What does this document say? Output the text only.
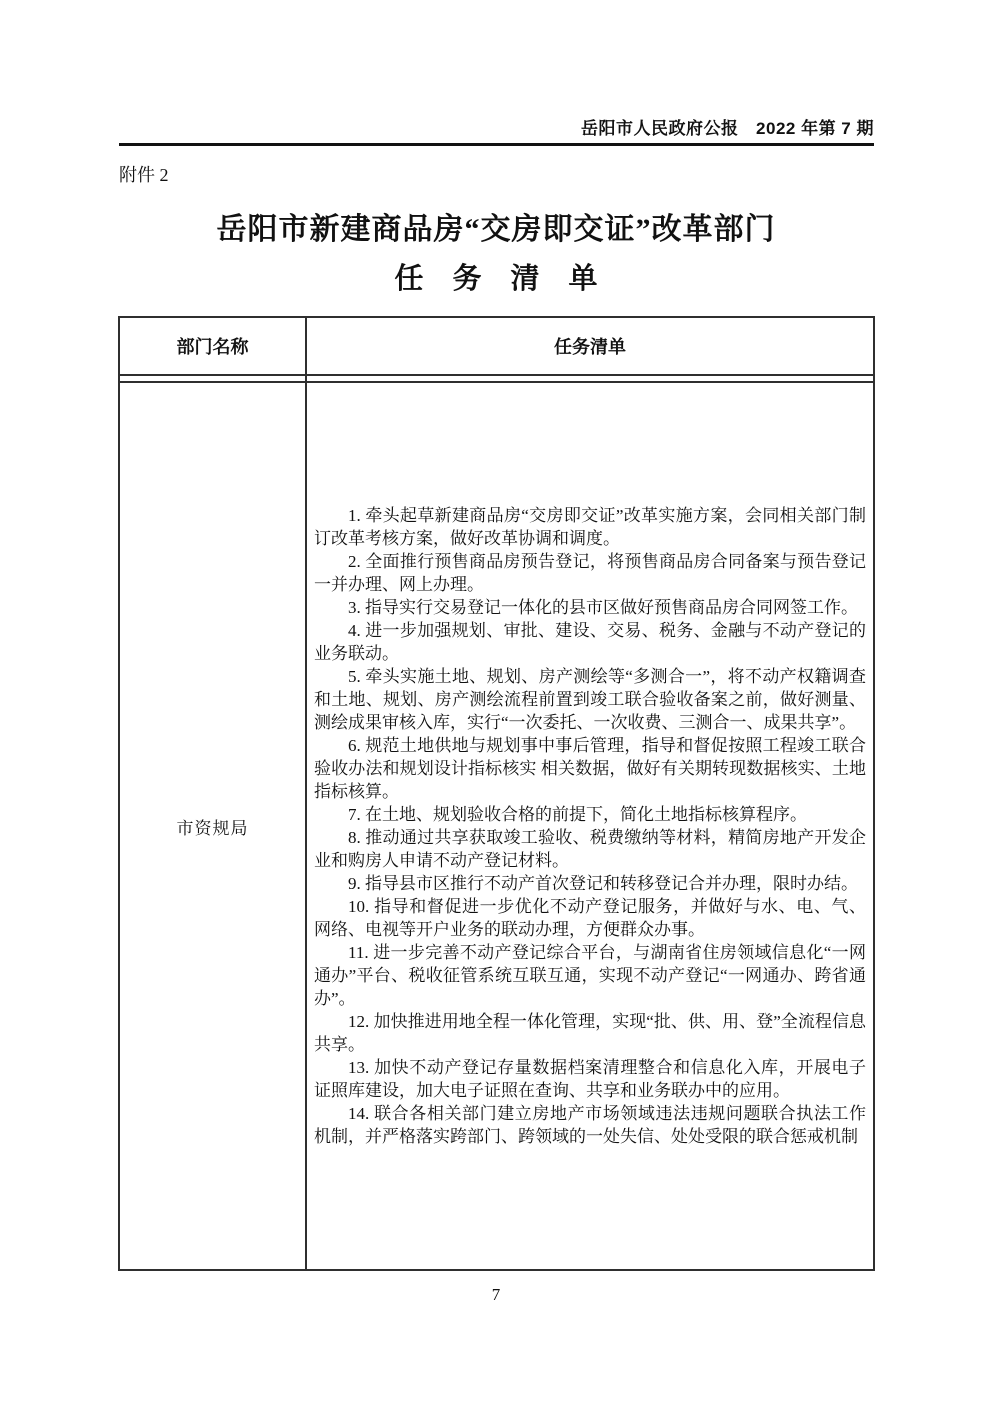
岳阳市人民政府公报　2022 年第 7 期
附件 2
岳阳市新建商品房“交房即交证”改革部门
任　务　清　单
部门名称	任务清单
市资规局

1. 牵头起草新建商品房“交房即交证”改革实施方案，会同相关部门制订改革考核方案，做好改革协调和调度。

2. 全面推行预售商品房预告登记，将预售商品房合同备案与预告登记一并办理、网上办理。

3. 指导实行交易登记一体化的县市区做好预售商品房合同网签工作。

4. 进一步加强规划、审批、建设、交易、税务、金融与不动产登记的业务联动。

5. 牵头实施土地、规划、房产测绘等“多测合一”，将不动产权籍调查和土地、规划、房产测绘流程前置到竣工联合验收备案之前，做好测量、测绘成果审核入库，实行“一次委托、一次收费、三测合一、成果共享”。

6. 规范土地供地与规划事中事后管理，指导和督促按照工程竣工联合验收办法和规划设计指标核实 相关数据，做好有关期转现数据核实、土地指标核算。

7. 在土地、规划验收合格的前提下，简化土地指标核算程序。

8. 推动通过共享获取竣工验收、税费缴纳等材料，精简房地产开发企业和购房人申请不动产登记材料。

9. 指导县市区推行不动产首次登记和转移登记合并办理，限时办结。

10. 指导和督促进一步优化不动产登记服务，并做好与水、电、气、网络、电视等开户业务的联动办理，方便群众办事。

11. 进一步完善不动产登记综合平台，与湖南省住房领域信息化“一网通办”平台、税收征管系统互联互通，实现不动产登记“一网通办、跨省通办”。

12. 加快推进用地全程一体化管理，实现“批、供、用、登”全流程信息共享。

13. 加快不动产登记存量数据档案清理整合和信息化入库，开展电子证照库建设，加大电子证照在查询、共享和业务联办中的应用。

14. 联合各相关部门建立房地产市场领域违法违规问题联合执法工作机制，并严格落实跨部门、跨领域的一处失信、处处受限的联合惩戒机制

7
